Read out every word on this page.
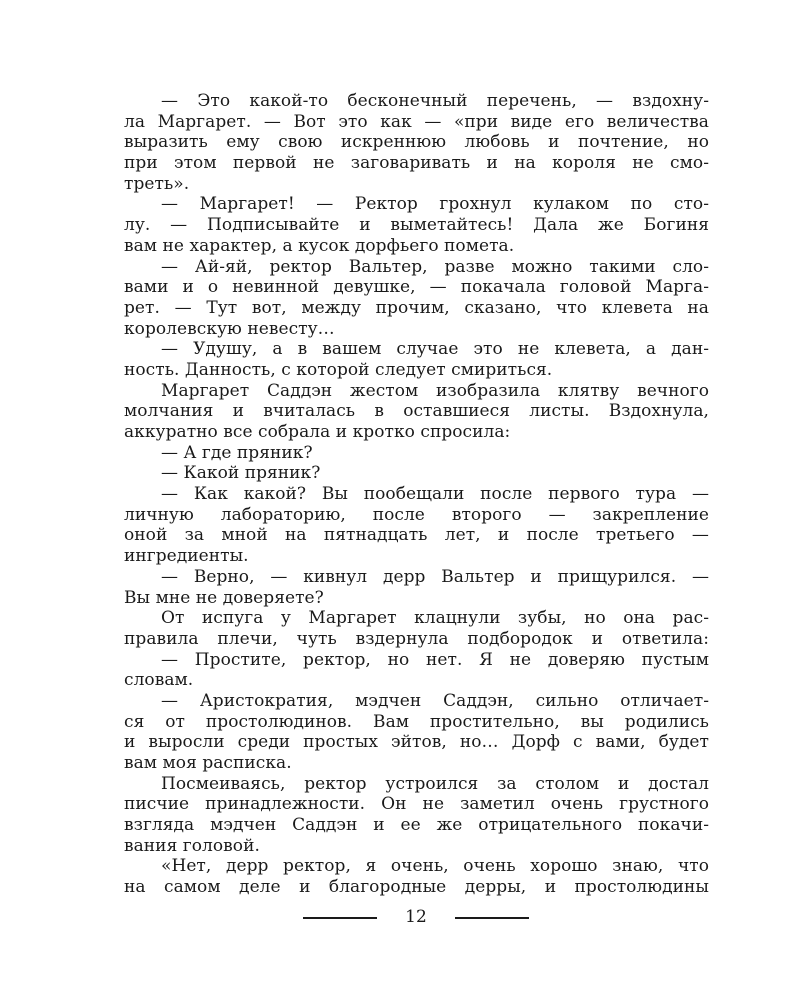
— Это какой-то бесконечный перечень, — вздохну-
ла Маргарет. — Вот это как — «при виде его величества
выразить ему свою искреннюю любовь и почтение, но
при этом первой не заговаривать и на короля не смо-
треть».
— Маргарет! — Ректор грохнул кулаком по сто-
лу. — Подписывайте и выметайтесь! Дала же Богиня
вам не характер, а кусок дорфьего помета.
— Ай-яй, ректор Вальтер, разве можно такими сло-
вами и о невинной девушке, — покачала головой Марга-
рет. — Тут вот, между прочим, сказано, что клевета на
королевскую невесту…
— Удушу, а в вашем случае это не клевета, а дан-
ность. Данность, с которой следует смириться.
Маргарет Саддэн жестом изобразила клятву вечного
молчания и вчиталась в оставшиеся листы. Вздохнула,
аккуратно все собрала и кротко спросила:
— А где пряник?
— Какой пряник?
— Как какой? Вы пообещали после первого тура —
личную лабораторию, после второго — закрепление
оной за мной на пятнадцать лет, и после третьего —
ингредиенты.
— Верно, — кивнул дерр Вальтер и прищурился. —
Вы мне не доверяете?
От испуга у Маргарет клацнули зубы, но она рас-
правила плечи, чуть вздернула подбородок и ответила:
— Простите, ректор, но нет. Я не доверяю пустым
словам.
— Аристократия, мэдчен Саддэн, сильно отличает-
ся от простолюдинов. Вам простительно, вы родились
и выросли среди простых эйтов, но… Дорф с вами, будет
вам моя расписка.
Посмеиваясь, ректор устроился за столом и достал
писчие принадлежности. Он не заметил очень грустного
взгляда мэдчен Саддэн и ее же отрицательного покачи-
вания головой.
«Нет, дерр ректор, я очень, очень хорошо знаю, что
на самом деле и благородные дерры, и простолюдины
12
